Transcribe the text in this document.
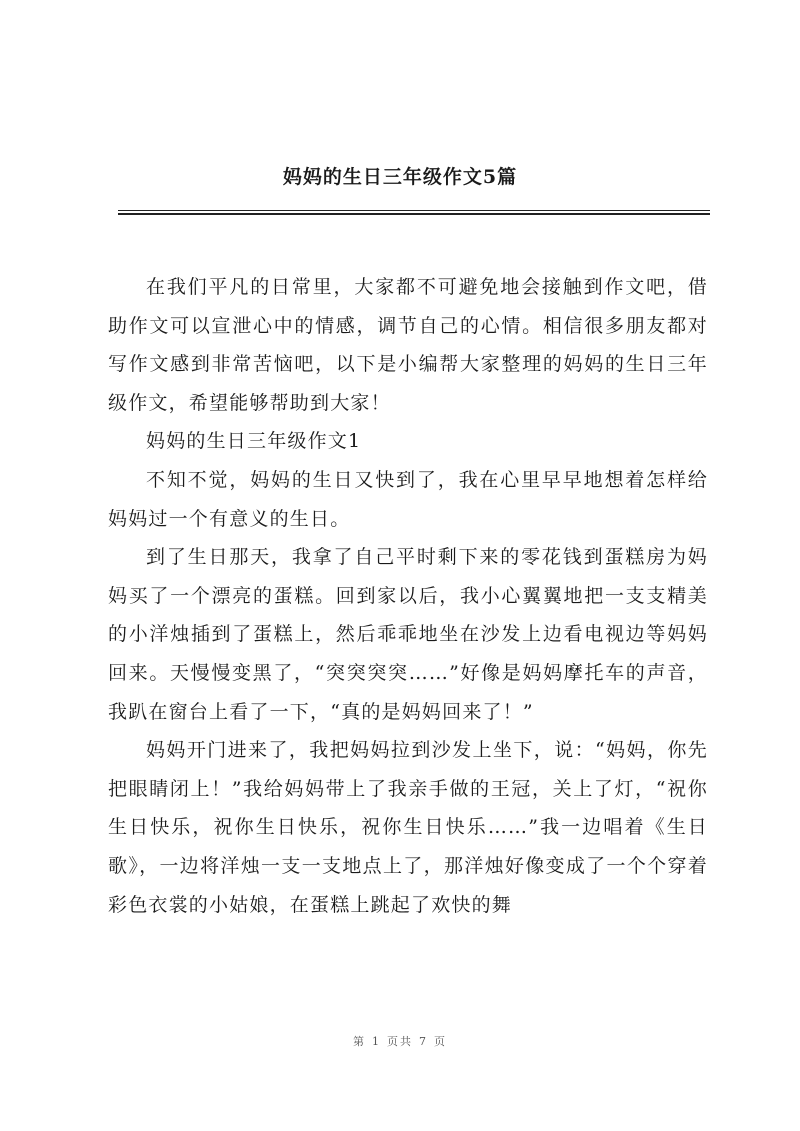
妈妈的生日三年级作文5篇

在我们平凡的日常里，大家都不可避免地会接触到作文吧，借助作文可以宣泄心中的情感，调节自己的心情。相信很多朋友都对写作文感到非常苦恼吧，以下是小编帮大家整理的妈妈的生日三年级作文，希望能够帮助到大家！

妈妈的生日三年级作文1

不知不觉，妈妈的生日又快到了，我在心里早早地想着怎样给妈妈过一个有意义的生日。

到了生日那天，我拿了自己平时剩下来的零花钱到蛋糕房为妈妈买了一个漂亮的蛋糕。回到家以后，我小心翼翼地把一支支精美的小洋烛插到了蛋糕上，然后乖乖地坐在沙发上边看电视边等妈妈回来。天慢慢变黑了，“突突突突……”好像是妈妈摩托车的声音，我趴在窗台上看了一下，“真的是妈妈回来了！”

妈妈开门进来了，我把妈妈拉到沙发上坐下，说：“妈妈，你先把眼睛闭上！”我给妈妈带上了我亲手做的王冠，关上了灯，“祝你生日快乐，祝你生日快乐，祝你生日快乐……”我一边唱着《生日歌》，一边将洋烛一支一支地点上了，那洋烛好像变成了一个个穿着彩色衣裳的小姑娘，在蛋糕上跳起了欢快的舞

第 1 页共 7 页
